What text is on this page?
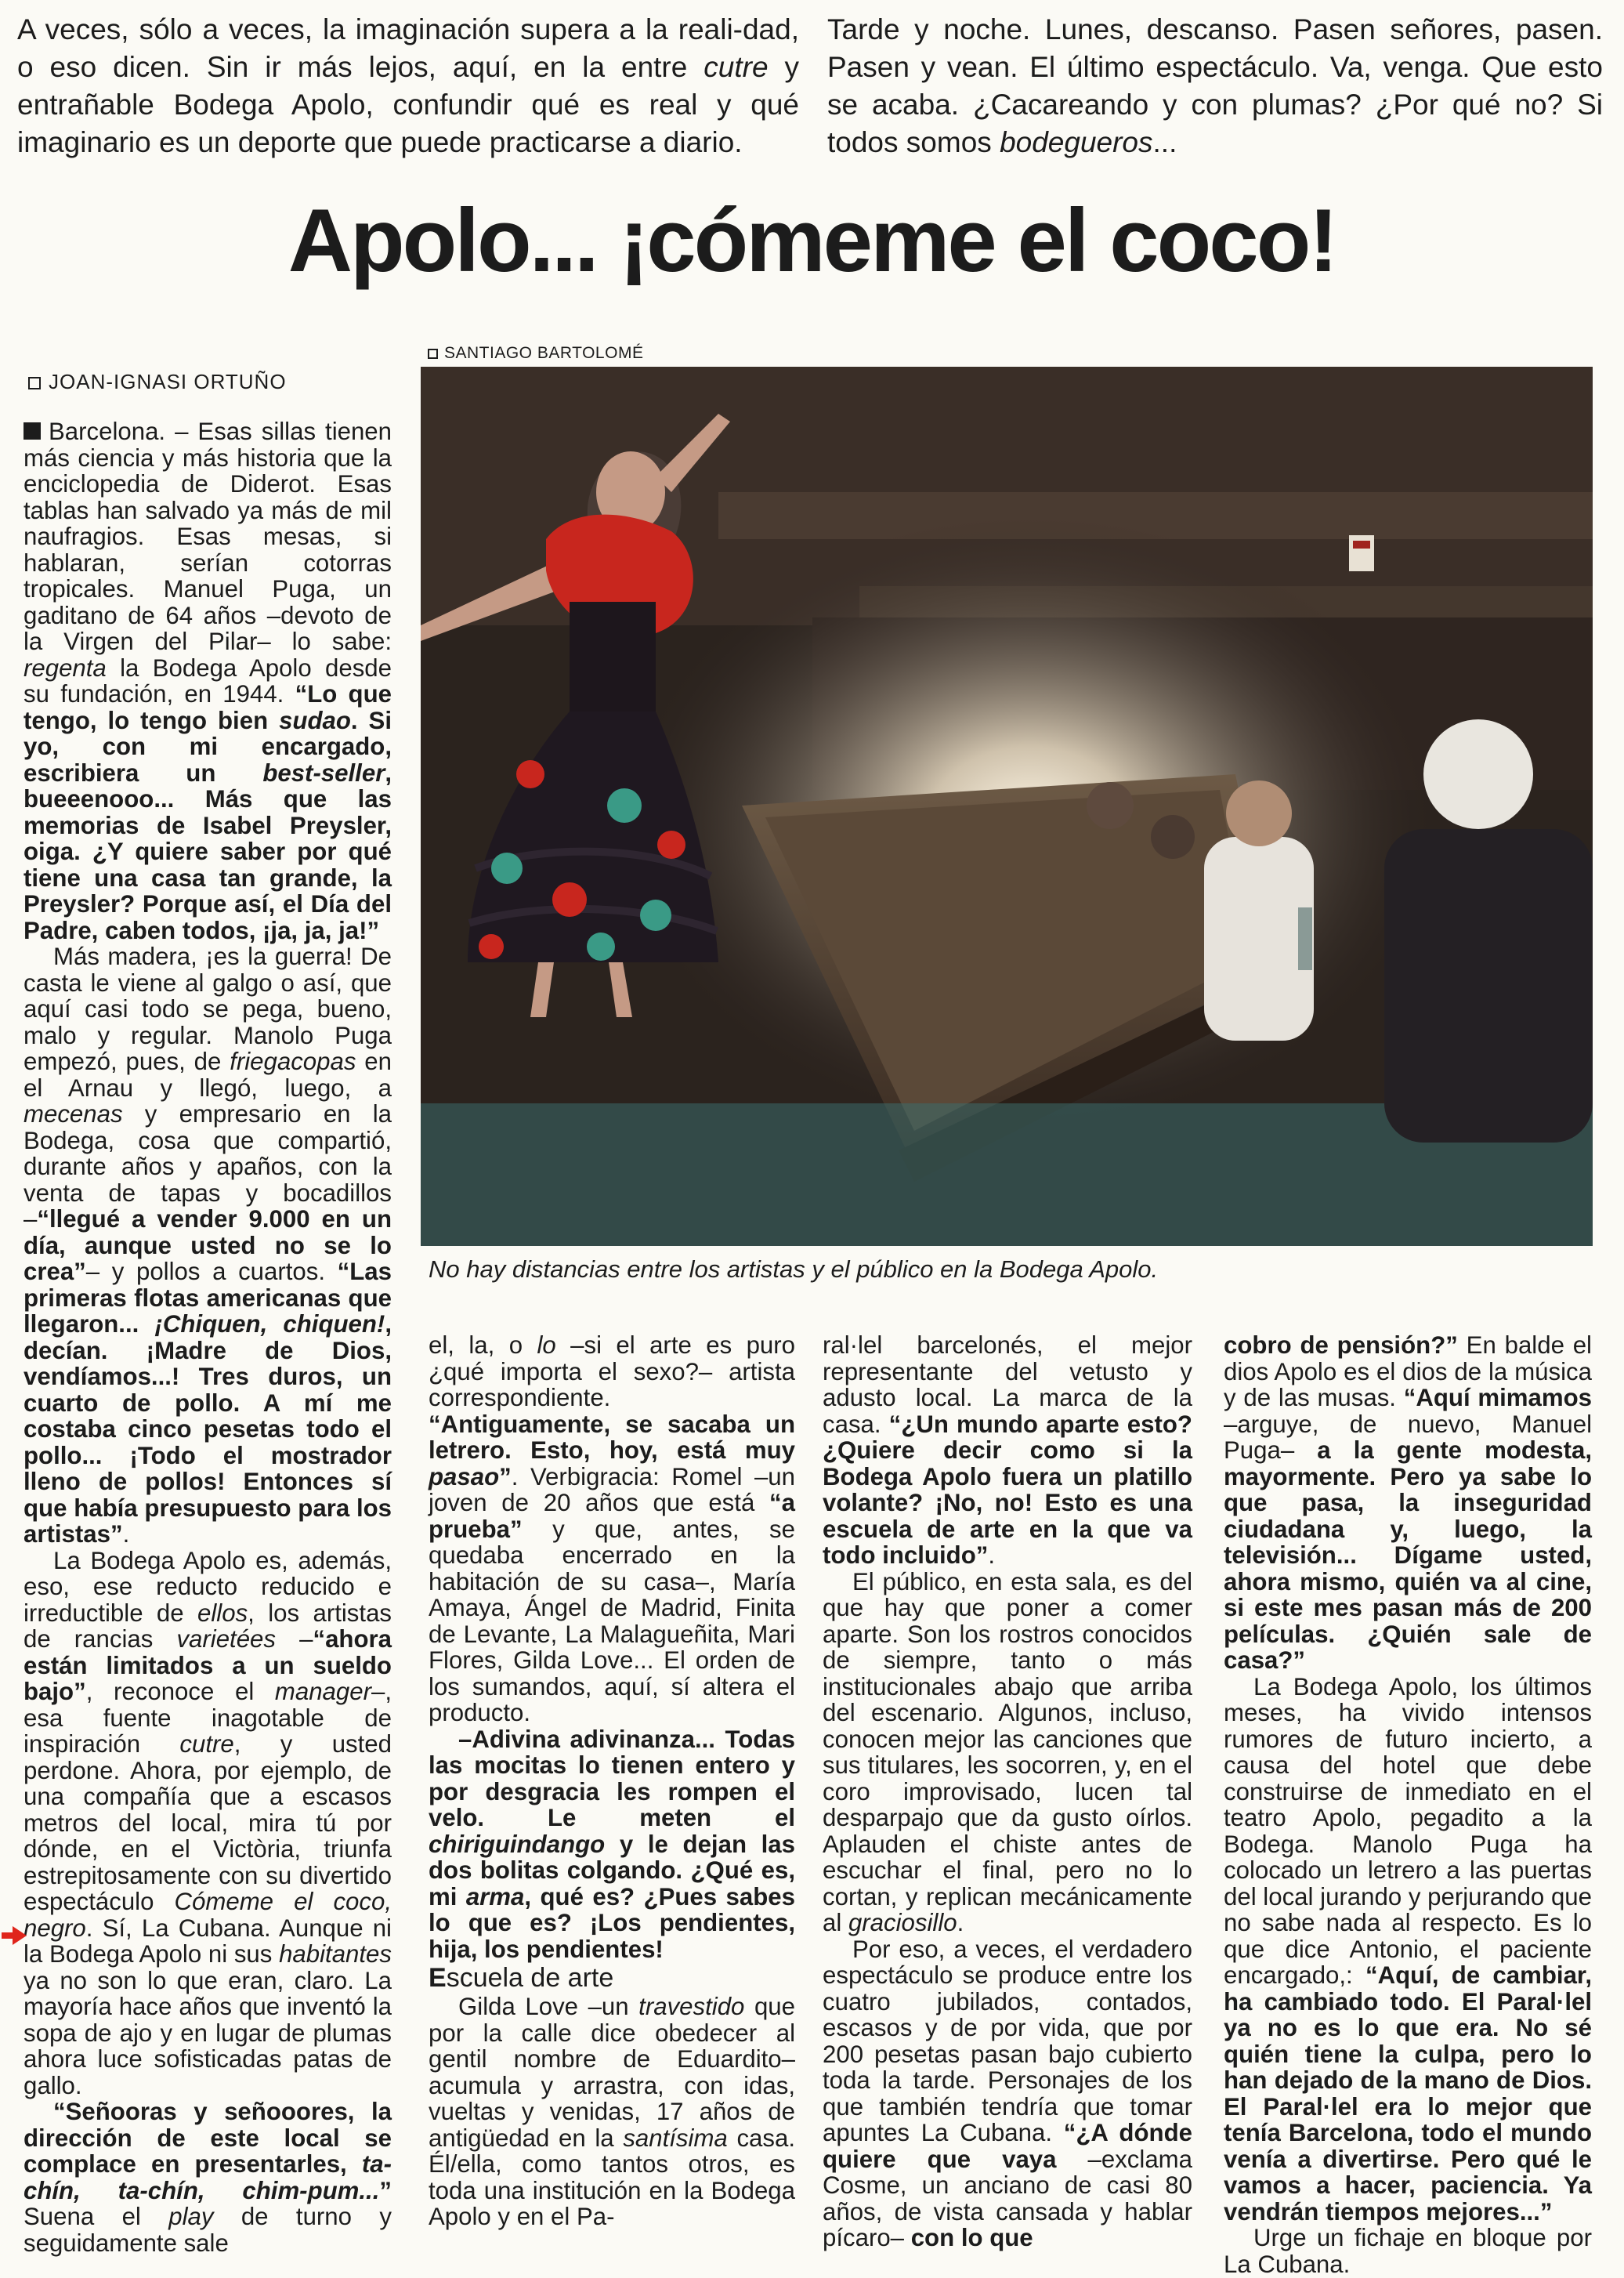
A veces, sólo a veces, la imaginación supera a la reali-dad, o eso dicen. Sin ir más lejos, aquí, en la entre cutre y entrañable Bodega Apolo, confundir qué es real y qué imaginario es un deporte que puede practicarse a diario.

Tarde y noche. Lunes, descanso. Pasen señores, pasen. Pasen y vean. El último espectáculo. Va, venga. Que esto se acaba. ¿Cacareando y con plumas? ¿Por qué no? Si todos somos bodegueros...

Apolo... ¡cómeme el coco!
SANTIAGO BARTOLOMÉ
JOAN-IGNASI ORTUÑO

No hay distancias entre los artistas y el público en la Bodega Apolo.

Barcelona. – Esas sillas tienen más ciencia y más historia que la enciclopedia de Diderot. Esas tablas han salvado ya más de mil naufragios. Esas mesas, si hablaran, serían cotorras tropicales. Manuel Puga, un gaditano de 64 años –devoto de la Virgen del Pilar– lo sabe: regenta la Bodega Apolo desde su fundación, en 1944. “Lo que tengo, lo tengo bien sudao. Si yo, con mi encargado, escribiera un best-seller, bueeenooo... Más que las memorias de Isabel Preysler, oiga. ¿Y quiere saber por qué tiene una casa tan grande, la Preysler? Porque así, el Día del Padre, caben todos, ¡ja, ja, ja!”

Más madera, ¡es la guerra! De casta le viene al galgo o así, que aquí casi todo se pega, bueno, malo y regular. Manolo Puga empezó, pues, de friegacopas en el Arnau y llegó, luego, a mecenas y empresario en la Bodega, cosa que compartió, durante años y apaños, con la venta de tapas y bocadillos –“llegué a vender 9.000 en un día, aunque usted no se lo crea”– y pollos a cuartos. “Las primeras flotas americanas que llegaron... ¡Chiquen, chiquen!, decían. ¡Madre de Dios, vendíamos...! Tres duros, un cuarto de pollo. A mí me costaba cinco pesetas todo el pollo... ¡Todo el mostrador lleno de pollos! Entonces sí que había presupuesto para los artistas”.

La Bodega Apolo es, además, eso, ese reducto reducido e irreductible de ellos, los artistas de rancias varietées –“ahora están limitados a un sueldo bajo”, reconoce el manager–, esa fuente inagotable de inspiración cutre, y usted perdone. Ahora, por ejemplo, de una compañía que a escasos metros del local, mira tú por dónde, en el Victòria, triunfa estrepitosamente con su divertido espectáculo Cómeme el coco, negro. Sí, La Cubana. Aunque ni la Bodega Apolo ni sus habitantes ya no son lo que eran, claro. La mayoría hace años que inventó la sopa de ajo y en lugar de plumas ahora luce sofisticadas patas de gallo.

“Señooras y señooores, la dirección de este local se complace en presentarles, ta-chín, ta-chín, chim-pum...” Suena el play de turno y seguidamente sale

el, la, o lo –si el arte es puro ¿qué importa el sexo?– artista correspondiente. “Antiguamente, se sacaba un letrero. Esto, hoy, está muy pasao”. Verbigracia: Romel –un joven de 20 años que está “a prueba” y que, antes, se quedaba encerrado en la habitación de su casa–, María Amaya, Ángel de Madrid, Finita de Levante, La Malagueñita, Mari Flores, Gilda Love... El orden de los sumandos, aquí, sí altera el producto.

–Adivina adivinanza... Todas las mocitas lo tienen entero y por desgracia les rompen el velo. Le meten el chiriguindango y le dejan las dos bolitas colgando. ¿Qué es, mi arma, qué es? ¿Pues sabes lo que es? ¡Los pendientes, hija, los pendientes!

Escuela de arte

Gilda Love –un travestido que por la calle dice obedecer al gentil nombre de Eduardito– acumula y arrastra, con idas, vueltas y venidas, 17 años de antigüedad en la santísima casa. Él/ella, como tantos otros, es toda una institución en la Bodega Apolo y en el Pa-

ral·lel barcelonés, el mejor representante del vetusto y adusto local. La marca de la casa. “¿Un mundo aparte esto? ¿Quiere decir como si la Bodega Apolo fuera un platillo volante? ¡No, no! Esto es una escuela de arte en la que va todo incluido”.

El público, en esta sala, es del que hay que poner a comer aparte. Son los rostros conocidos de siempre, tanto o más institucionales abajo que arriba del escenario. Algunos, incluso, conocen mejor las canciones que sus titulares, les socorren, y, en el coro improvisado, lucen tal desparpajo que da gusto oírlos. Aplauden el chiste antes de escuchar el final, pero no lo cortan, y replican mecánicamente al graciosillo.

Por eso, a veces, el verdadero espectáculo se produce entre los cuatro jubilados, contados, escasos y de por vida, que por 200 pesetas pasan bajo cubierto toda la tarde. Personajes de los que también tendría que tomar apuntes La Cubana. “¿A dónde quiere que vaya –exclama Cosme, un anciano de casi 80 años, de vista cansada y hablar pícaro– con lo que

cobro de pensión?” En balde el dios Apolo es el dios de la música y de las musas. “Aquí mimamos –arguye, de nuevo, Manuel Puga– a la gente modesta, mayormente. Pero ya sabe lo que pasa, la inseguridad ciudadana y, luego, la televisión... Dígame usted, ahora mismo, quién va al cine, si este mes pasan más de 200 películas. ¿Quién sale de casa?”

La Bodega Apolo, los últimos meses, ha vivido intensos rumores de futuro incierto, a causa del hotel que debe construirse de inmediato en el teatro Apolo, pegadito a la Bodega. Manolo Puga ha colocado un letrero a las puertas del local jurando y perjurando que no sabe nada al respecto. Es lo que dice Antonio, el paciente encargado,: “Aquí, de cambiar, ha cambiado todo. El Paral·lel ya no es lo que era. No sé quién tiene la culpa, pero lo han dejado de la mano de Dios. El Paral·lel era lo mejor que tenía Barcelona, todo el mundo venía a divertirse. Pero qué le vamos a hacer, paciencia. Ya vendrán tiempos mejores...”

Urge un fichaje en bloque por La Cubana.
